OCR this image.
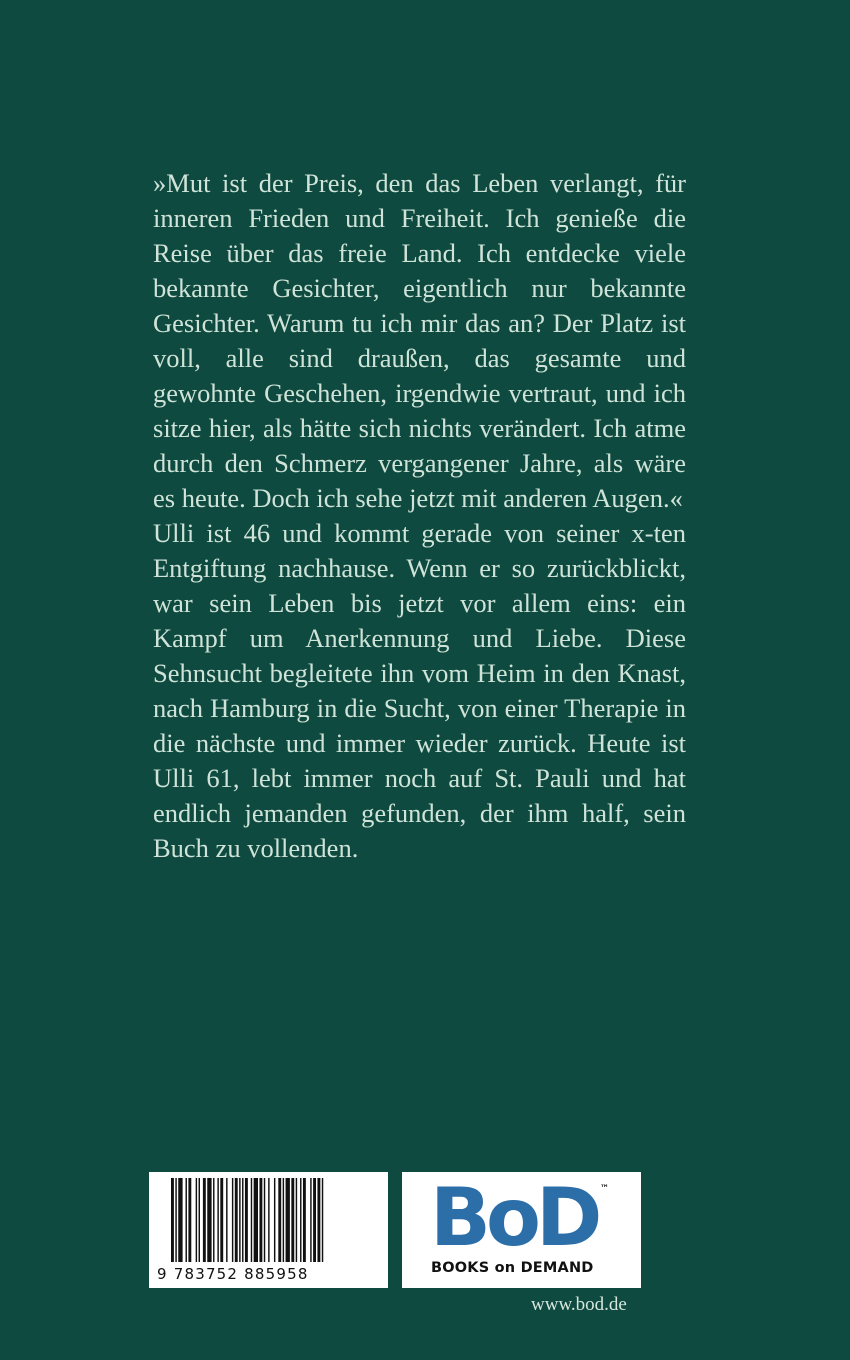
»Mut ist der Preis, den das Leben verlangt, für inneren Frieden und Freiheit. Ich genieße die Reise über das freie Land. Ich entdecke viele bekannte Gesichter, eigentlich nur bekannte Gesichter. Warum tu ich mir das an? Der Platz ist voll, alle sind draußen, das gesamte und gewohnte Geschehen, irgendwie vertraut, und ich sitze hier, als hätte sich nichts verändert. Ich atme durch den Schmerz vergangener Jahre, als wäre es heute. Doch ich sehe jetzt mit anderen Augen.«

Ulli ist 46 und kommt gerade von seiner x-ten Entgiftung nachhause. Wenn er so zurückblickt, war sein Leben bis jetzt vor allem eins: ein Kampf um Anerkennung und Liebe. Diese Sehnsucht begleitete ihn vom Heim in den Knast, nach Hamburg in die Sucht, von einer Therapie in die nächste und immer wieder zurück. Heute ist Ulli 61, lebt immer noch auf St. Pauli und hat endlich jemanden gefunden, der ihm half, sein Buch zu vollenden.

9 783752 885958
BoD ™
BOOKS on DEMAND
www.bod.de
